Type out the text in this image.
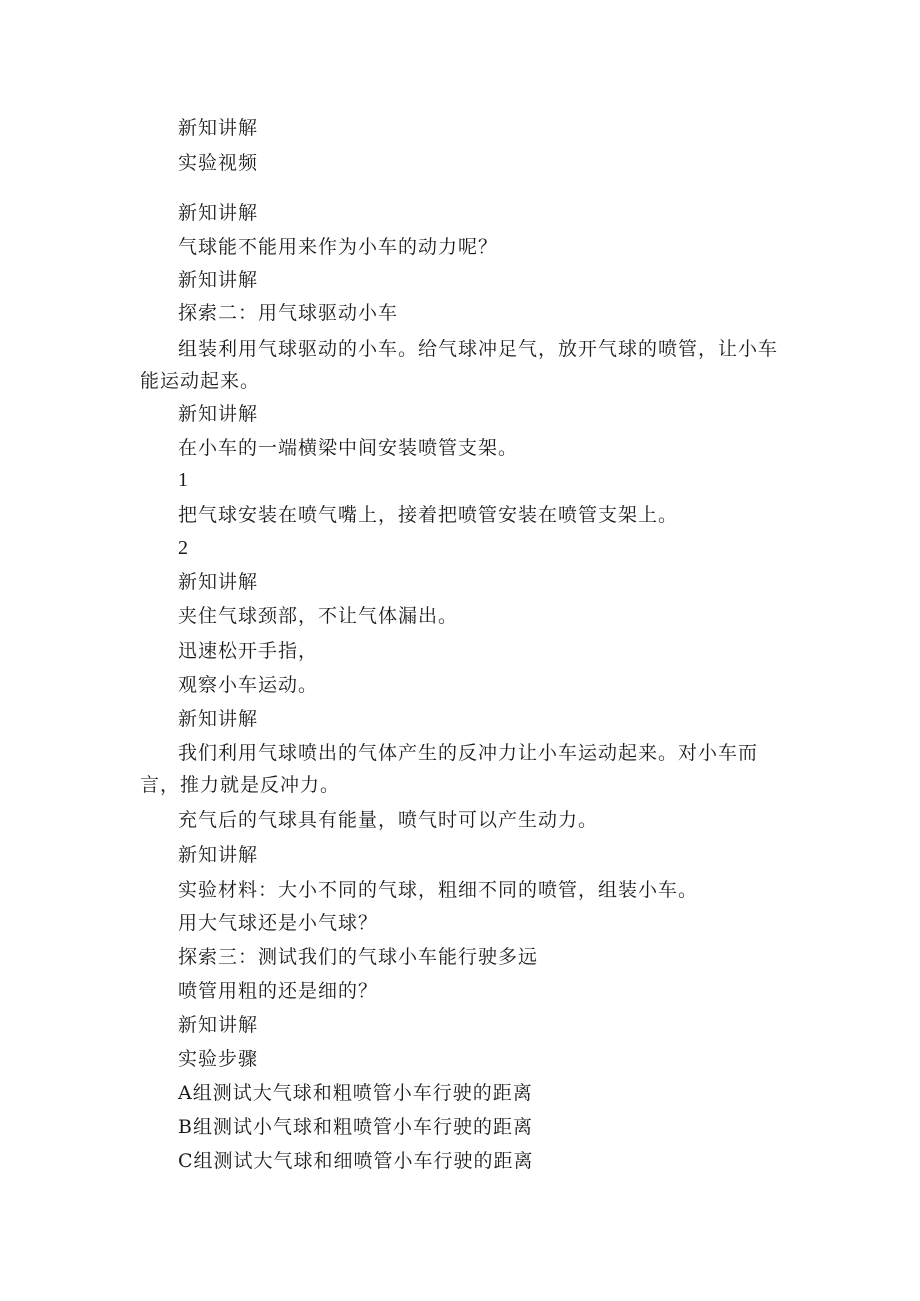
新知讲解
实验视频
新知讲解
气球能不能用来作为小车的动力呢？
新知讲解
探索二：用气球驱动小车
组装利用气球驱动的小车。给气球冲足气，放开气球的喷管，让小车
能运动起来。
新知讲解
在小车的一端横梁中间安装喷管支架。
1
把气球安装在喷气嘴上，接着把喷管安装在喷管支架上。
2
新知讲解
夹住气球颈部，不让气体漏出。
迅速松开手指，
观察小车运动。
新知讲解
我们利用气球喷出的气体产生的反冲力让小车运动起来。对小车而
言，推力就是反冲力。
充气后的气球具有能量，喷气时可以产生动力。
新知讲解
实验材料：大小不同的气球，粗细不同的喷管，组装小车。
用大气球还是小气球？
探索三：测试我们的气球小车能行驶多远
喷管用粗的还是细的？
新知讲解
实验步骤
A组测试大气球和粗喷管小车行驶的距离
B组测试小气球和粗喷管小车行驶的距离
C组测试大气球和细喷管小车行驶的距离
